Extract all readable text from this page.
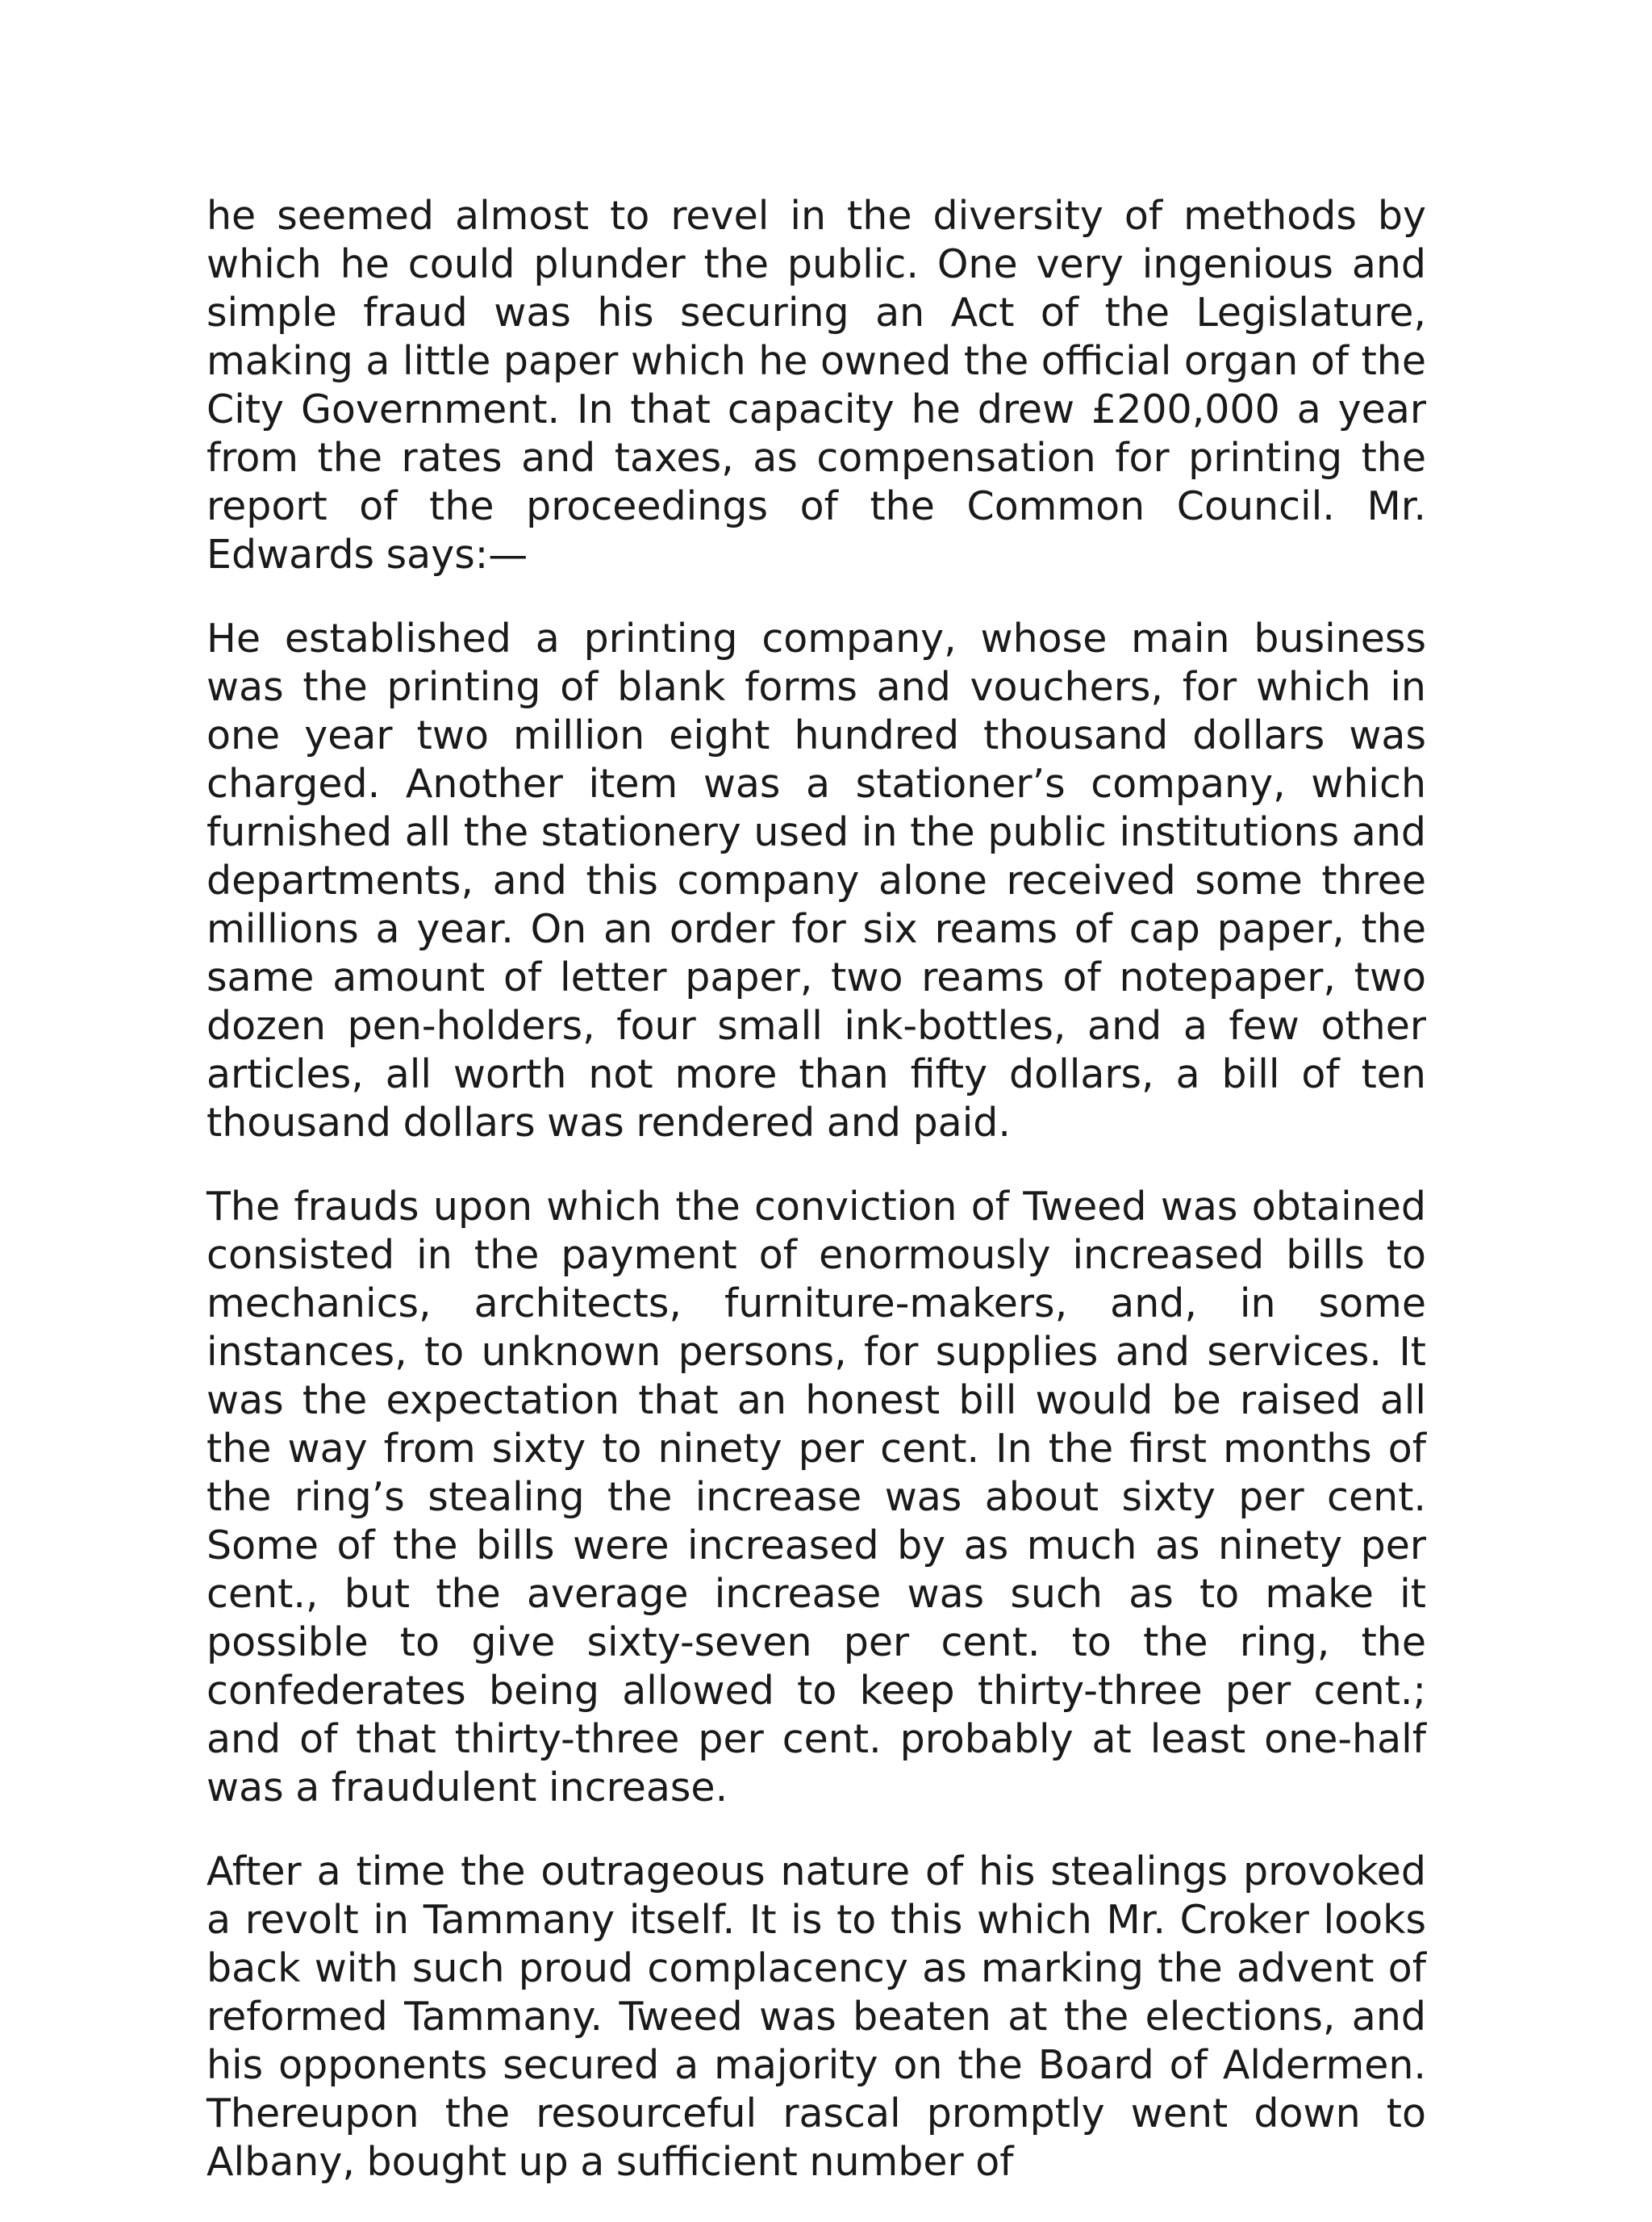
he seemed almost to revel in the diversity of methods by which he could plunder the public. One very ingenious and simple fraud was his securing an Act of the Legislature, making a little paper which he owned the official organ of the City Government. In that capacity he drew £200,000 a year from the rates and taxes, as compensation for printing the report of the proceedings of the Common Council. Mr. Edwards says:—

He established a printing company, whose main business was the printing of blank forms and vouchers, for which in one year two million eight hundred thousand dollars was charged. Another item was a stationer’s company, which furnished all the stationery used in the public institutions and departments, and this company alone received some three millions a year. On an order for six reams of cap paper, the same amount of letter paper, two reams of notepaper, two dozen pen-holders, four small ink-bottles, and a few other articles, all worth not more than fifty dollars, a bill of ten thousand dollars was rendered and paid.

The frauds upon which the conviction of Tweed was obtained consisted in the payment of enormously increased bills to mechanics, architects, furniture-makers, and, in some instances, to unknown persons, for supplies and services. It was the expectation that an honest bill would be raised all the way from sixty to ninety per cent. In the first months of the ring’s stealing the increase was about sixty per cent. Some of the bills were increased by as much as ninety per cent., but the average increase was such as to make it possible to give sixty-seven per cent. to the ring, the confederates being allowed to keep thirty-three per cent.; and of that thirty-three per cent. probably at least one-half was a fraudulent increase.

After a time the outrageous nature of his stealings provoked a revolt in Tammany itself. It is to this which Mr. Croker looks back with such proud complacency as marking the advent of reformed Tammany. Tweed was beaten at the elections, and his opponents secured a majority on the Board of Aldermen. Thereupon the resourceful rascal promptly went down to Albany, bought up a sufficient number of
